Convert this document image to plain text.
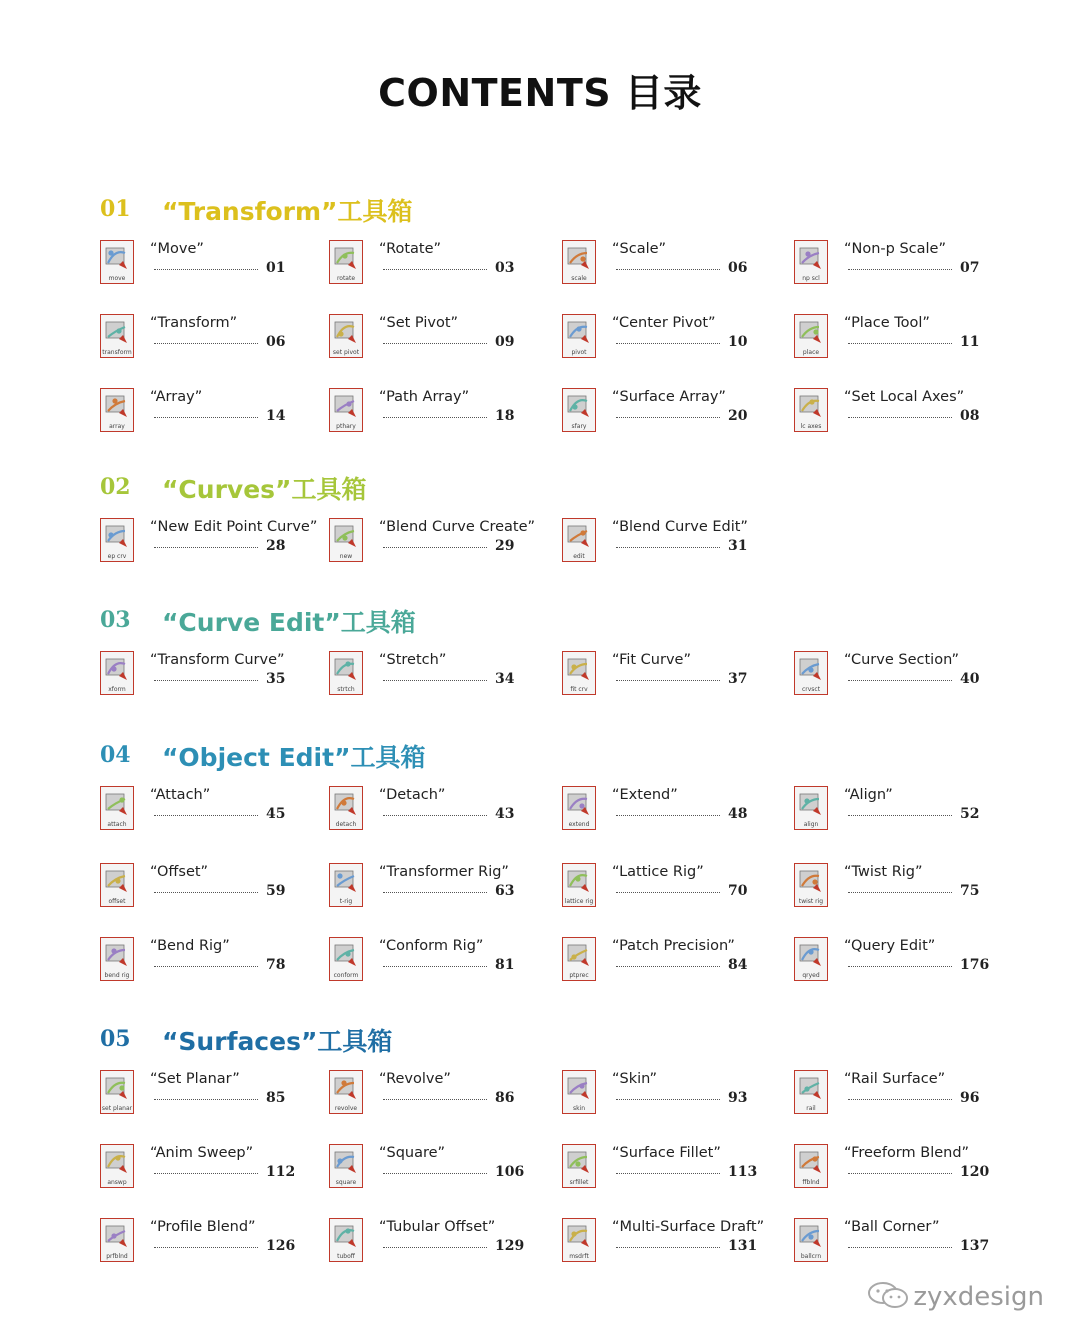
CONTENTS 目录
01 “Transform”工具箱
move
“Move”
01
rotate
“Rotate”
03
scale
“Scale”
06
np scl
“Non-p Scale”
07
transform
“Transform”
06
set pivot
“Set Pivot”
09
pivot
“Center Pivot”
10
place
“Place Tool”
11
array
“Array”
14
pthary
“Path Array”
18
sfary
“Surface Array”
20
lc axes
“Set Local Axes”
08
02 “Curves”工具箱
ep crv
“New Edit Point Curve”
28
new
“Blend Curve Create”
29
edit
“Blend Curve Edit”
31
03 “Curve Edit”工具箱
xform
“Transform Curve”
35
strtch
“Stretch”
34
fit crv
“Fit Curve”
37
crvsct
“Curve Section”
40
04 “Object Edit”工具箱
attach
“Attach”
45
detach
“Detach”
43
extend
“Extend”
48
align
“Align”
52
offset
“Offset”
59
t-rig
“Transformer Rig”
63
lattice rig
“Lattice Rig”
70
twist rig
“Twist Rig”
75
bend rig
“Bend Rig”
78
conform
“Conform Rig”
81
ptprec
“Patch Precision”
84
qryed
“Query Edit”
176
05 “Surfaces”工具箱
set planar
“Set Planar”
85
revolve
“Revolve”
86
skin
“Skin”
93
rail
“Rail Surface”
96
answp
“Anim Sweep”
112
square
“Square”
106
srfillet
“Surface Fillet”
113
ffblnd
“Freeform Blend”
120
prfblnd
“Profile Blend”
126
tuboff
“Tubular Offset”
129
msdrft
“Multi-Surface Draft”
131
ballcrn
“Ball Corner”
137
zyxdesign
